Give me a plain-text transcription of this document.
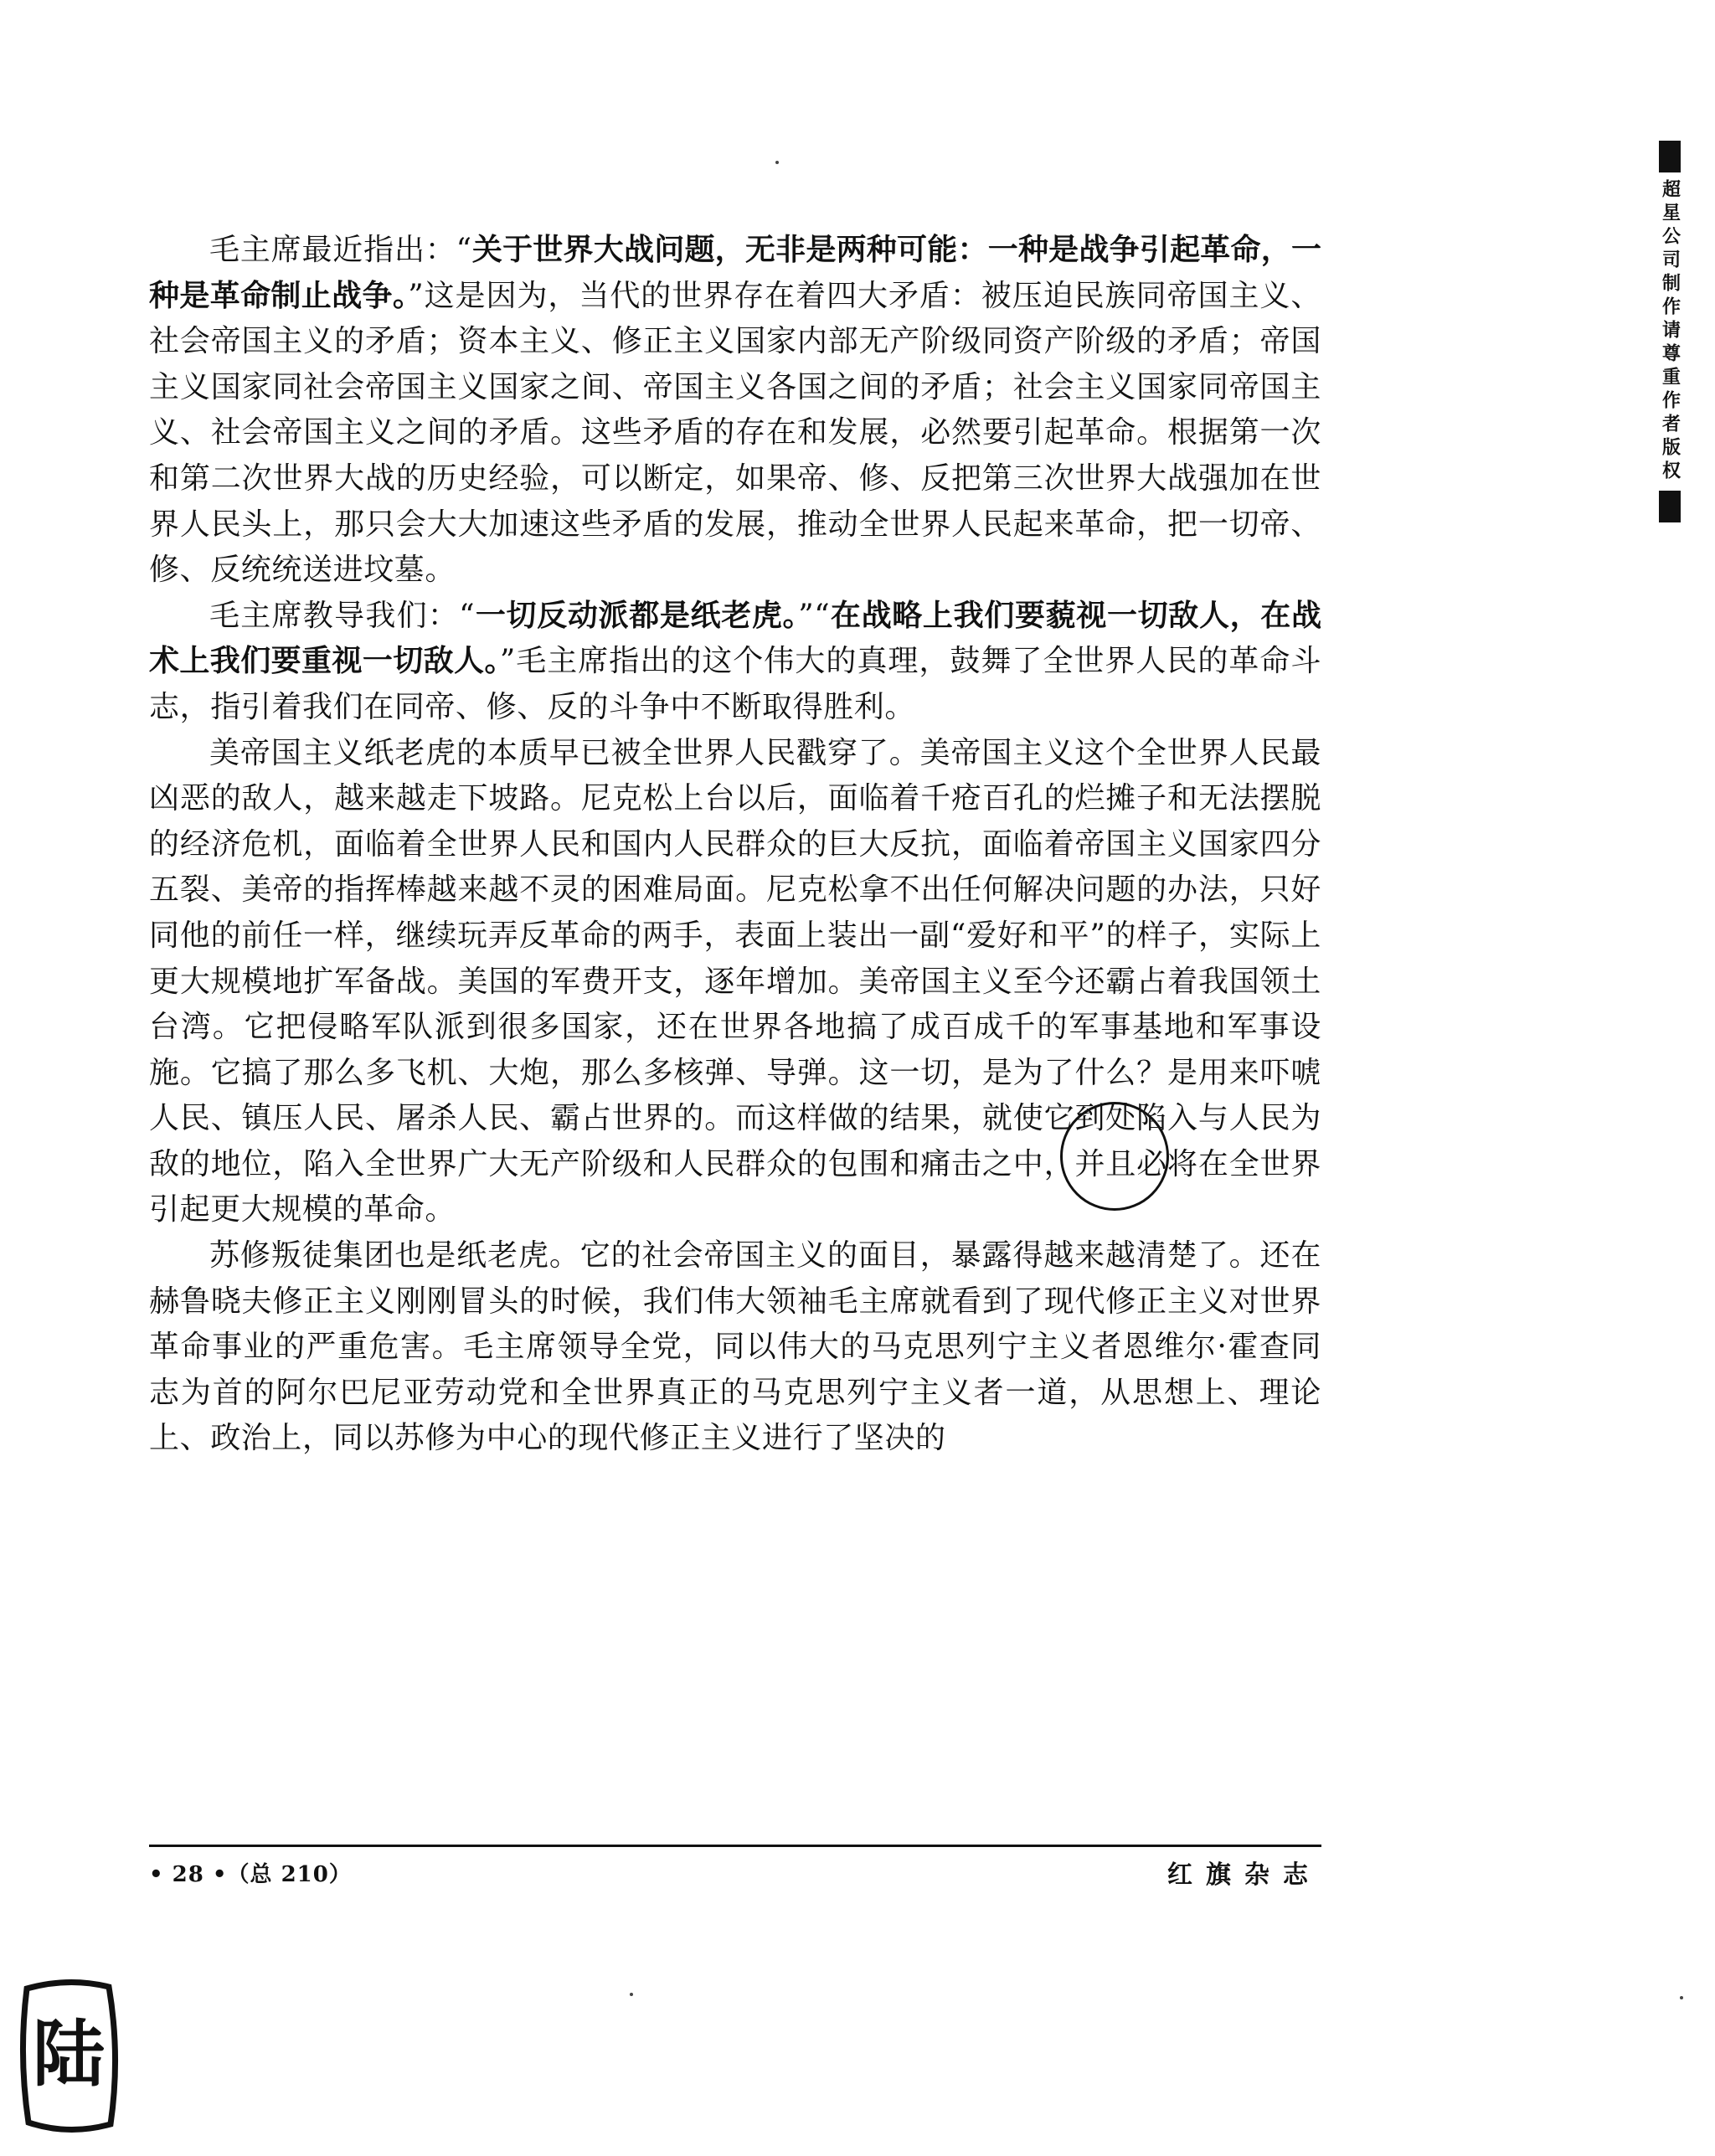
毛主席最近指出：“关于世界大战问题，无非是两种可能：一种是战争引起革命，一种是革命制止战争。”这是因为，当代的世界存在着四大矛盾：被压迫民族同帝国主义、社会帝国主义的矛盾；资本主义、修正主义国家内部无产阶级同资产阶级的矛盾；帝国主义国家同社会帝国主义国家之间、帝国主义各国之间的矛盾；社会主义国家同帝国主义、社会帝国主义之间的矛盾。这些矛盾的存在和发展，必然要引起革命。根据第一次和第二次世界大战的历史经验，可以断定，如果帝、修、反把第三次世界大战强加在世界人民头上，那只会大大加速这些矛盾的发展，推动全世界人民起来革命，把一切帝、修、反统统送进坟墓。

毛主席教导我们：“一切反动派都是纸老虎。”“在战略上我们要藐视一切敌人，在战术上我们要重视一切敌人。”毛主席指出的这个伟大的真理，鼓舞了全世界人民的革命斗志，指引着我们在同帝、修、反的斗争中不断取得胜利。

美帝国主义纸老虎的本质早已被全世界人民戳穿了。美帝国主义这个全世界人民最凶恶的敌人，越来越走下坡路。尼克松上台以后，面临着千疮百孔的烂摊子和无法摆脱的经济危机，面临着全世界人民和国内人民群众的巨大反抗，面临着帝国主义国家四分五裂、美帝的指挥棒越来越不灵的困难局面。尼克松拿不出任何解决问题的办法，只好同他的前任一样，继续玩弄反革命的两手，表面上装出一副“爱好和平”的样子，实际上更大规模地扩军备战。美国的军费开支，逐年增加。美帝国主义至今还霸占着我国领土台湾。它把侵略军队派到很多国家，还在世界各地搞了成百成千的军事基地和军事设施。它搞了那么多飞机、大炮，那么多核弹、导弹。这一切，是为了什么？是用来吓唬人民、镇压人民、屠杀人民、霸占世界的。而这样做的结果，就使它到处陷入与人民为敌的地位，陷入全世界广大无产阶级和人民群众的包围和痛击之中，并且必将在全世界引起更大规模的革命。

苏修叛徒集团也是纸老虎。它的社会帝国主义的面目，暴露得越来越清楚了。还在赫鲁晓夫修正主义刚刚冒头的时候，我们伟大领袖毛主席就看到了现代修正主义对世界革命事业的严重危害。毛主席领导全党，同以伟大的马克思列宁主义者恩维尔·霍查同志为首的阿尔巴尼亚劳动党和全世界真正的马克思列宁主义者一道，从思想上、理论上、政治上，同以苏修为中心的现代修正主义进行了坚决的

• 28 •（总 210）	红旗杂志
超星公司制作请尊重作者版权
陆
